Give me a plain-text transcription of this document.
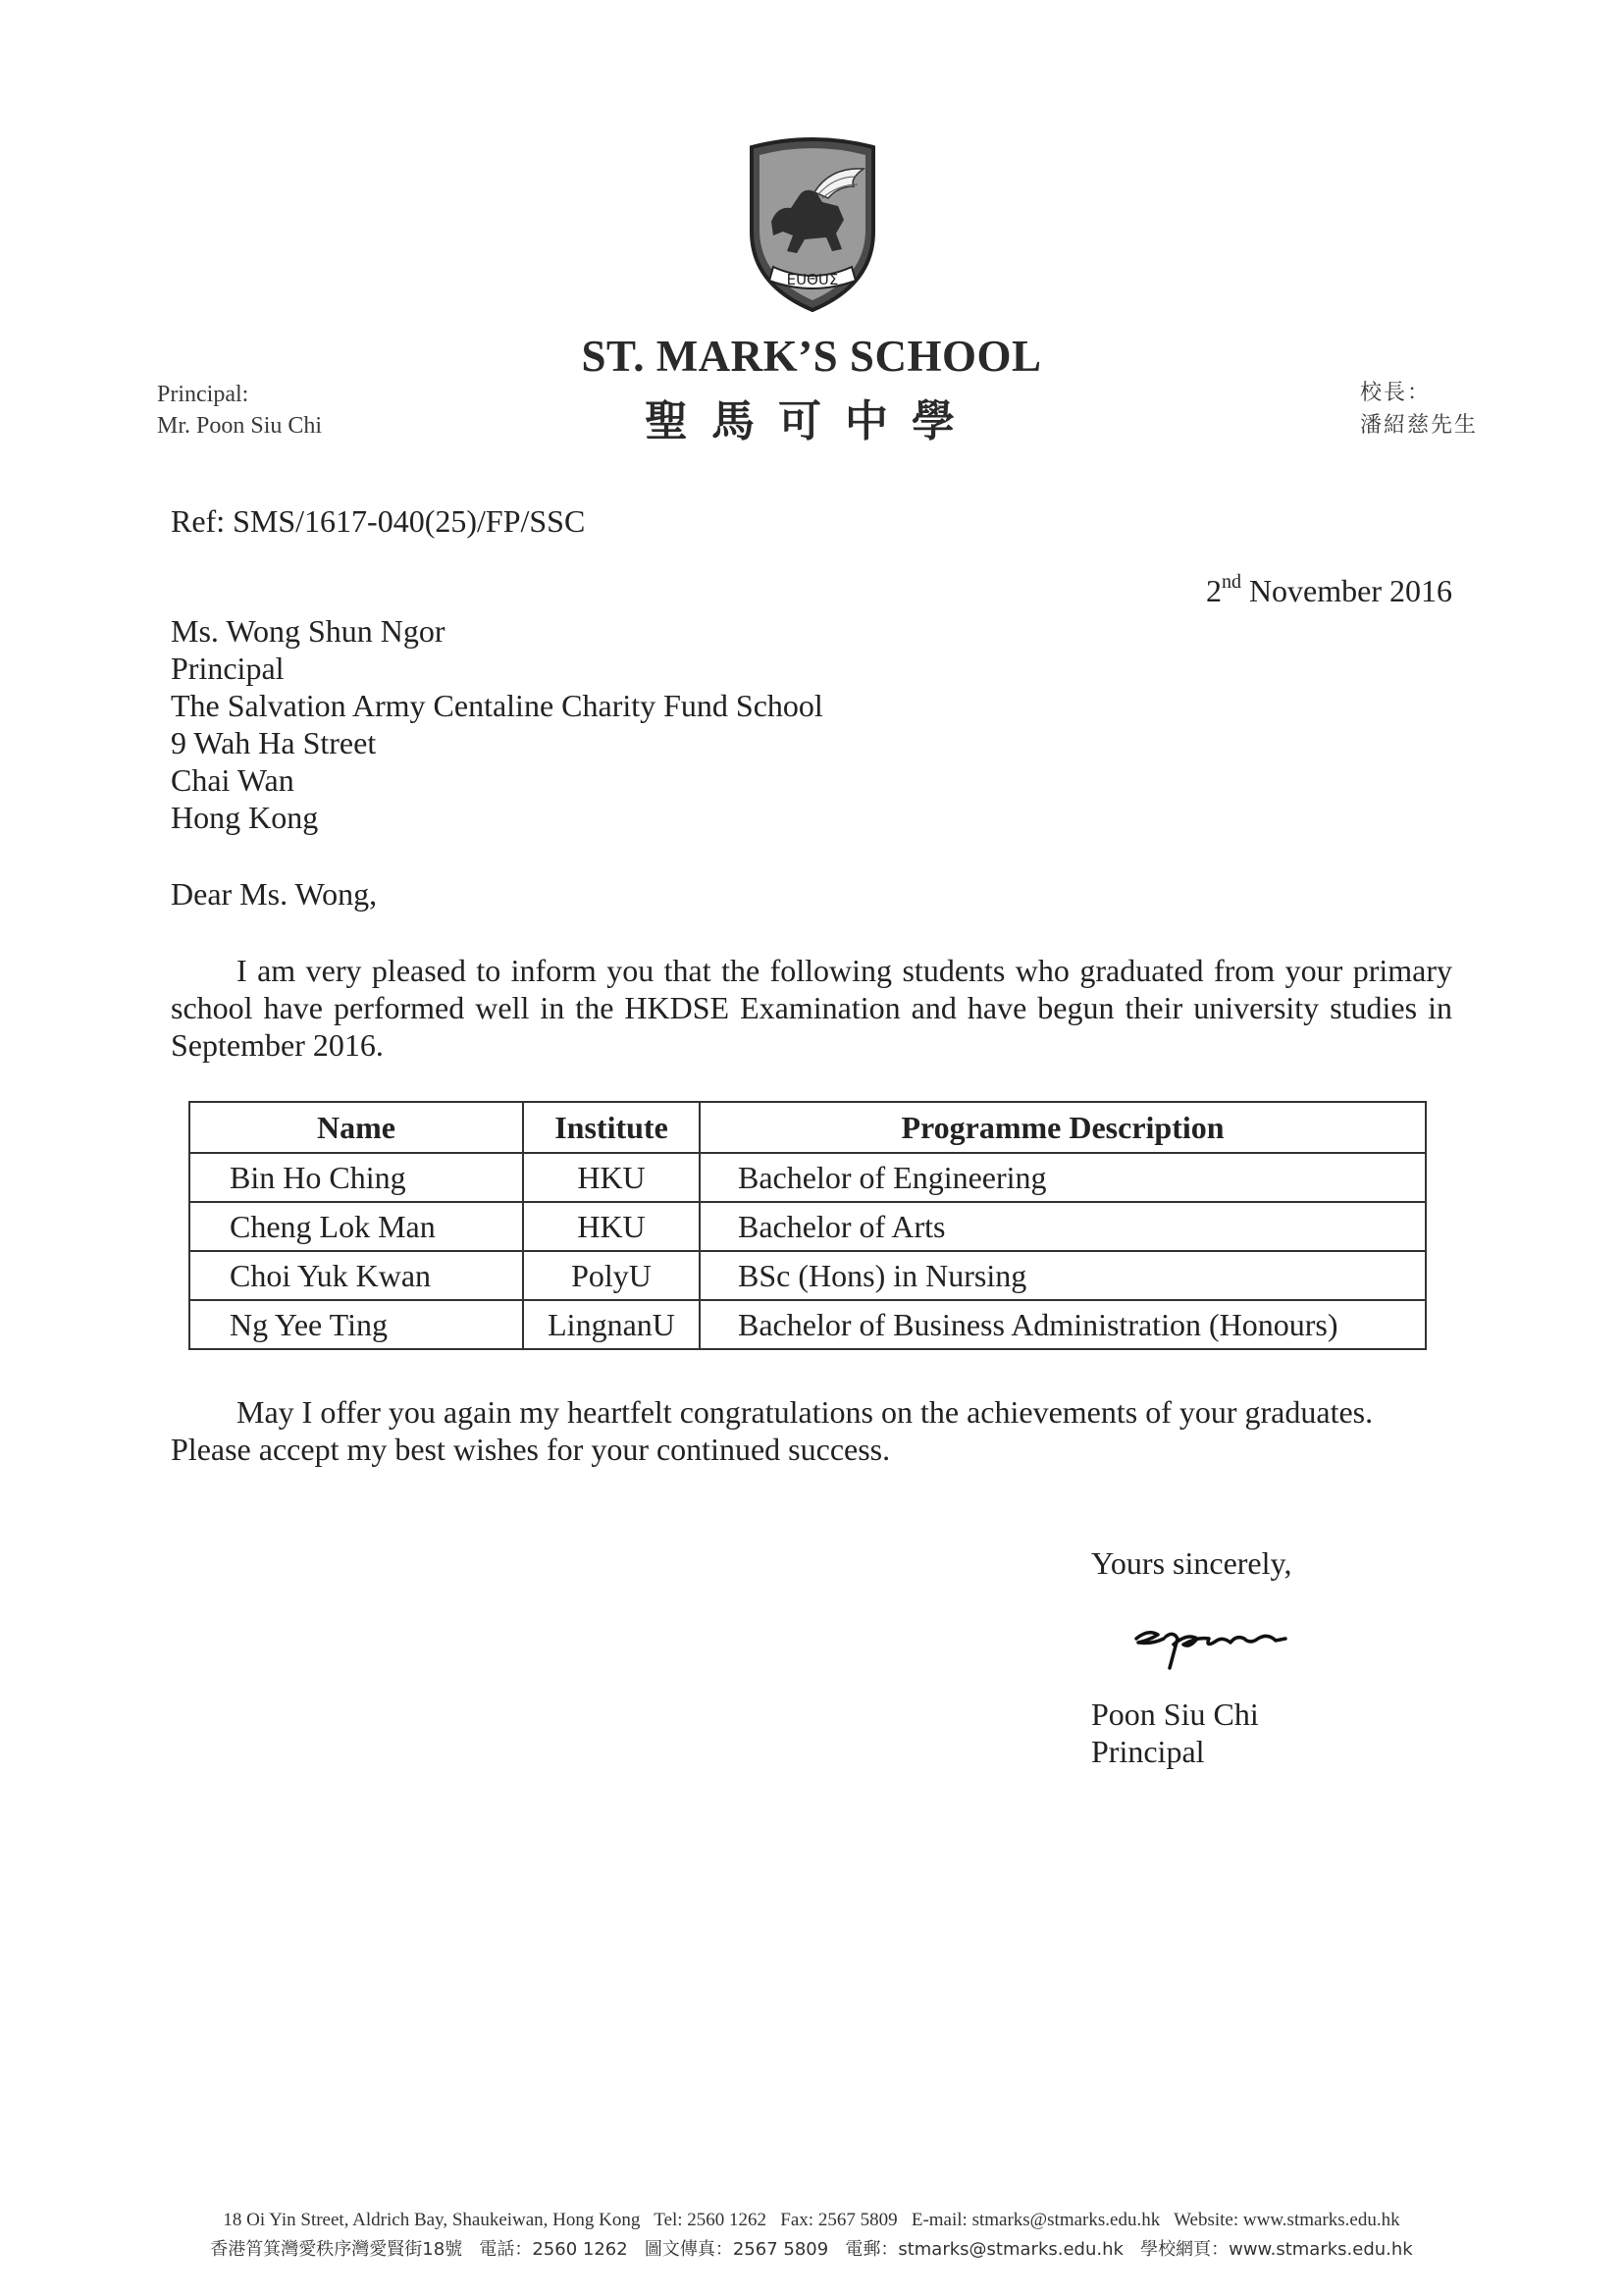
EUΘUΣ
ST. MARK’S SCHOOL
聖馬可中學
Principal:
Mr. Poon Siu Chi
校長：
潘紹慈先生
Ref: SMS/1617-040(25)/FP/SSC
2nd November 2016
Ms. Wong Shun Ngor
Principal
The Salvation Army Centaline Charity Fund School
9 Wah Ha Street
Chai Wan
Hong Kong
Dear Ms. Wong,
I am very pleased to inform you that the following students who graduated from your primary school have performed well in the HKDSE Examination and have begun their university studies in September 2016.
Name	Institute	Programme Description
Bin Ho Ching	HKU	Bachelor of Engineering
Cheng Lok Man	HKU	Bachelor of Arts
Choi Yuk Kwan	PolyU	BSc (Hons) in Nursing
Ng Yee Ting	LingnanU	Bachelor of Business Administration (Honours)
May I offer you again my heartfelt congratulations on the achievements of your graduates. Please accept my best wishes for your continued success.
Yours sincerely,
Poon Siu Chi
Principal
18 Oi Yin Street, Aldrich Bay, Shaukeiwan, Hong Kong   Tel: 2560 1262   Fax: 2567 5809   E-mail: stmarks@stmarks.edu.hk   Website: www.stmarks.edu.hk
香港筲箕灣愛秩序灣愛賢街18號   電話：2560 1262   圖文傳真：2567 5809   電郵：stmarks@stmarks.edu.hk   學校網頁：www.stmarks.edu.hk
